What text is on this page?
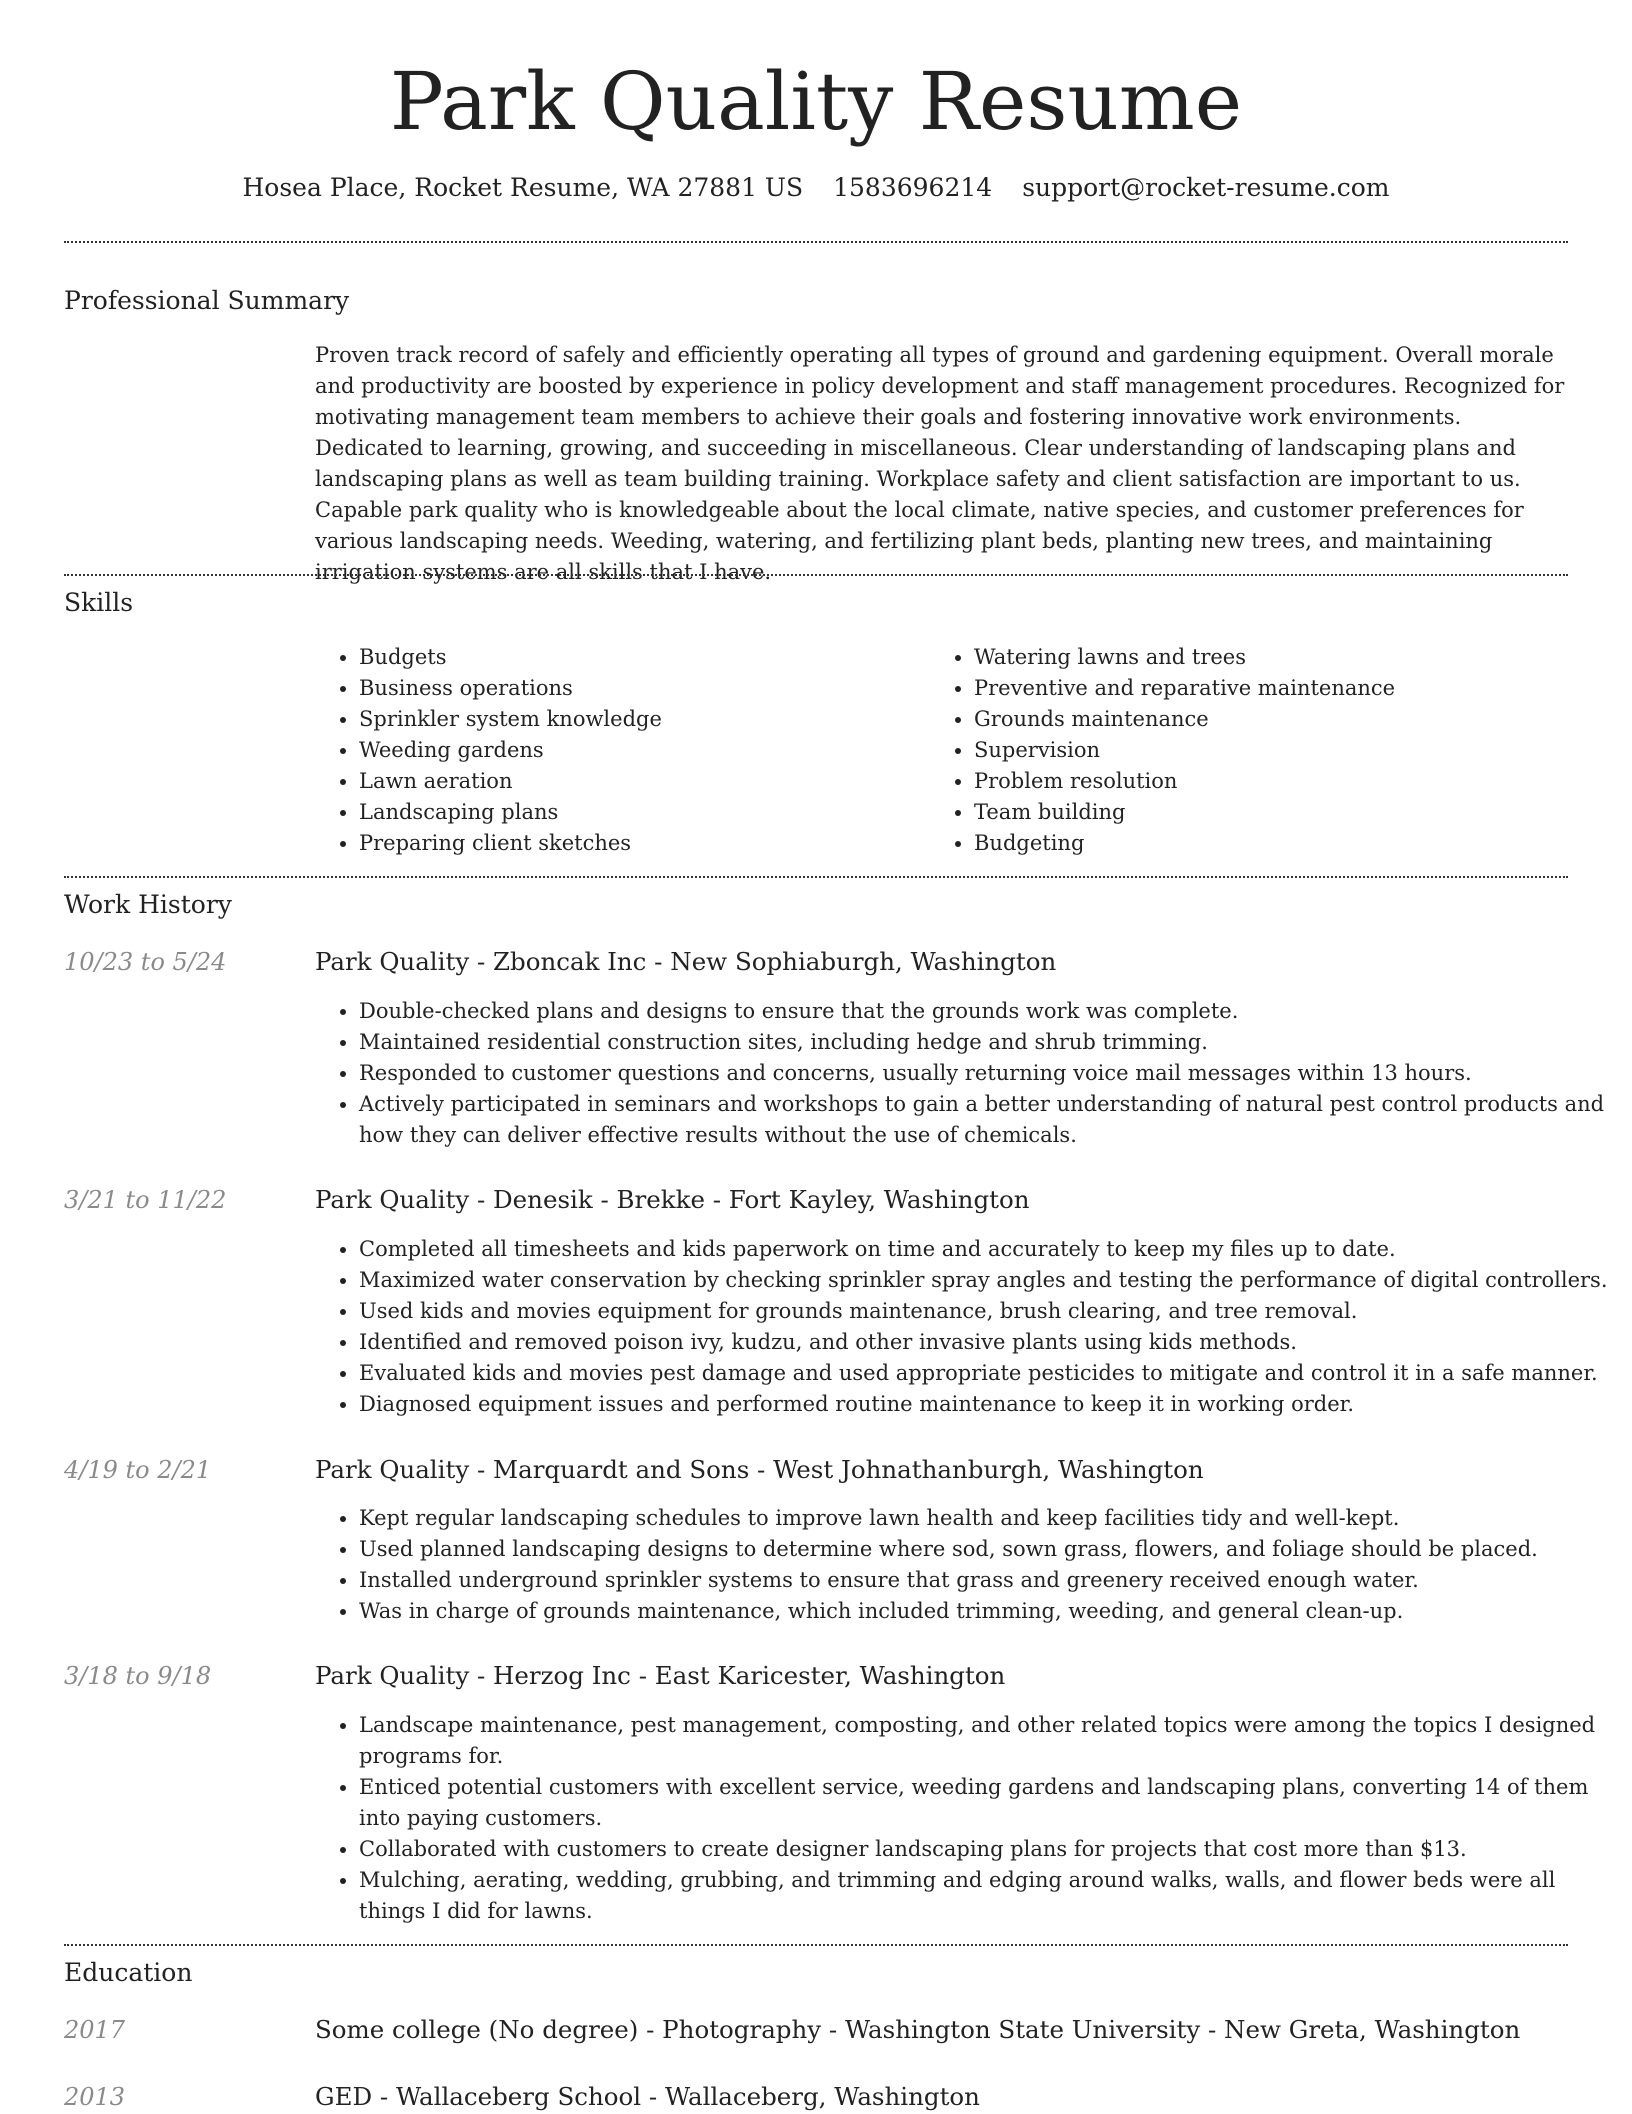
Park Quality Resume
Hosea Place, Rocket Resume, WA 27881 US 1583696214 support@rocket-resume.com
Professional Summary
Proven track record of safely and efficiently operating all types of ground and gardening equipment. Overall morale and productivity are boosted by experience in policy development and staff management procedures. Recognized for motivating management team members to achieve their goals and fostering innovative work environments. Dedicated to learning, growing, and succeeding in miscellaneous. Clear understanding of landscaping plans and landscaping plans as well as team building training. Workplace safety and client satisfaction are important to us. Capable park quality who is knowledgeable about the local climate, native species, and customer preferences for various landscaping needs. Weeding, watering, and fertilizing plant beds, planting new trees, and maintaining irrigation systems are all skills that I have.
Skills
• Budgets
• Business operations
• Sprinkler system knowledge
• Weeding gardens
• Lawn aeration
• Landscaping plans
• Preparing client sketches
• Watering lawns and trees
• Preventive and reparative maintenance
• Grounds maintenance
• Supervision
• Problem resolution
• Team building
• Budgeting
Work History
10/23 to 5/24	Park Quality - Zboncak Inc - New Sophiaburgh, Washington
• Double-checked plans and designs to ensure that the grounds work was complete.
• Maintained residential construction sites, including hedge and shrub trimming.
• Responded to customer questions and concerns, usually returning voice mail messages within 13 hours.
• Actively participated in seminars and workshops to gain a better understanding of natural pest control products and how they can deliver effective results without the use of chemicals.
3/21 to 11/22	Park Quality - Denesik - Brekke - Fort Kayley, Washington
• Completed all timesheets and kids paperwork on time and accurately to keep my files up to date.
• Maximized water conservation by checking sprinkler spray angles and testing the performance of digital controllers.
• Used kids and movies equipment for grounds maintenance, brush clearing, and tree removal.
• Identified and removed poison ivy, kudzu, and other invasive plants using kids methods.
• Evaluated kids and movies pest damage and used appropriate pesticides to mitigate and control it in a safe manner.
• Diagnosed equipment issues and performed routine maintenance to keep it in working order.
4/19 to 2/21	Park Quality - Marquardt and Sons - West Johnathanburgh, Washington
• Kept regular landscaping schedules to improve lawn health and keep facilities tidy and well-kept.
• Used planned landscaping designs to determine where sod, sown grass, flowers, and foliage should be placed.
• Installed underground sprinkler systems to ensure that grass and greenery received enough water.
• Was in charge of grounds maintenance, which included trimming, weeding, and general clean-up.
3/18 to 9/18	Park Quality - Herzog Inc - East Karicester, Washington
• Landscape maintenance, pest management, composting, and other related topics were among the topics I designed programs for.
• Enticed potential customers with excellent service, weeding gardens and landscaping plans, converting 14 of them into paying customers.
• Collaborated with customers to create designer landscaping plans for projects that cost more than $13.
• Mulching, aerating, wedding, grubbing, and trimming and edging around walks, walls, and flower beds were all things I did for lawns.
Education
2017	Some college (No degree) - Photography - Washington State University - New Greta, Washington
2013	GED - Wallaceberg School - Wallaceberg, Washington
